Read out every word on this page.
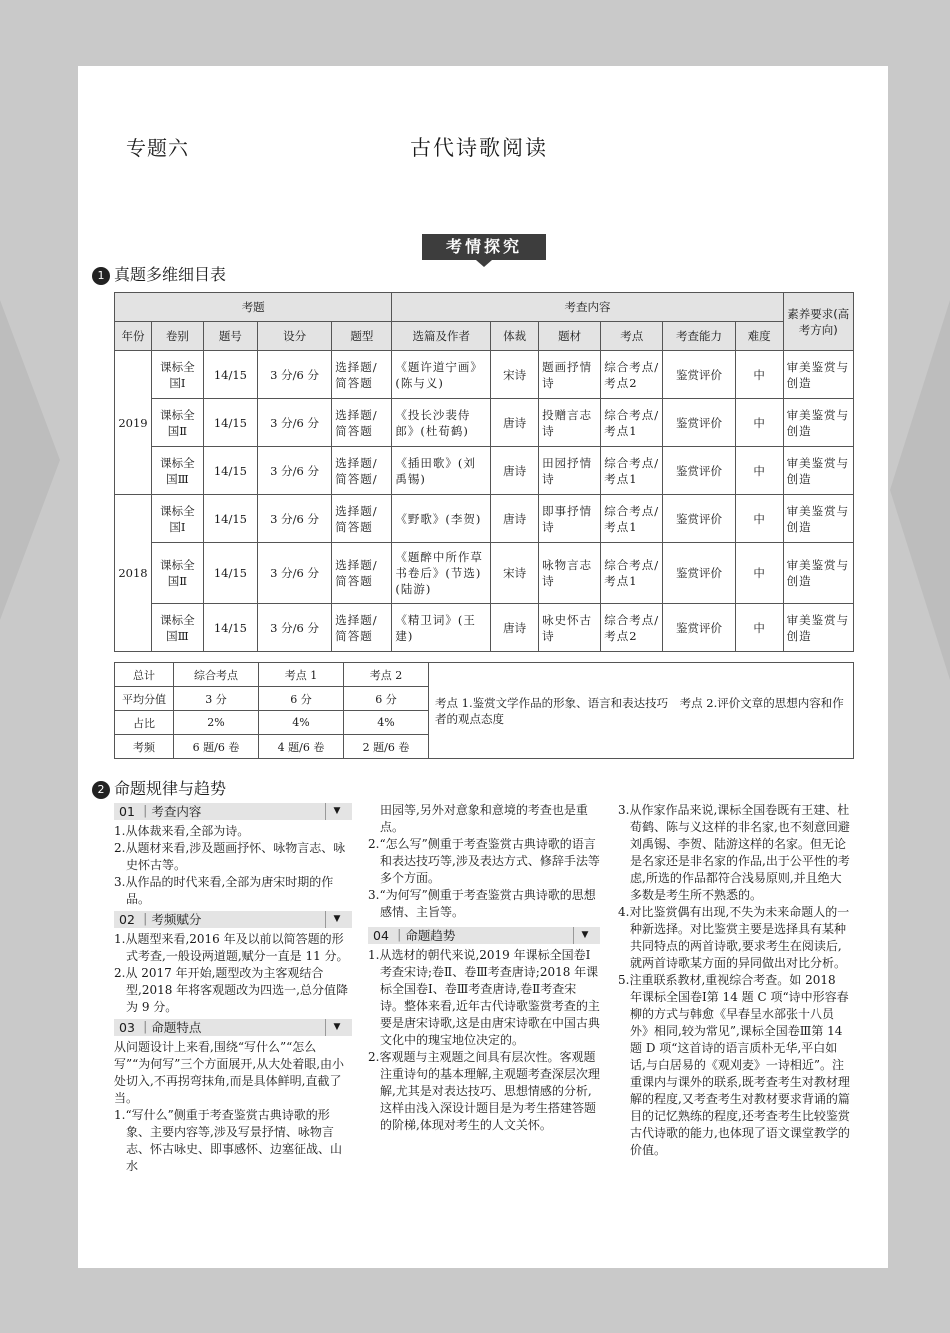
专题六	古代诗歌阅读
考情探究
1 真题多维细目表
考题					考查内容						素养要求(高考方向)
年份	卷别	题号	设分	题型	选篇及作者	体裁	题材	考点	考查能力	难度	
2019	课标全国Ⅰ	14/15	3 分/6 分	选择题/简答题	《题许道宁画》(陈与义)	宋诗	题画抒情诗	综合考点/考点2	鉴赏评价	中	审美鉴赏与创造
	课标全国Ⅱ	14/15	3 分/6 分	选择题/简答题	《投长沙裴侍郎》(杜荀鹤)	唐诗	投赠言志诗	综合考点/考点1	鉴赏评价	中	审美鉴赏与创造
	课标全国Ⅲ	14/15	3 分/6 分	选择题/简答题/	《插田歌》(刘禹锡)	唐诗	田园抒情诗	综合考点/考点1	鉴赏评价	中	审美鉴赏与创造
2018	课标全国Ⅰ	14/15	3 分/6 分	选择题/简答题	《野歌》(李贺)	唐诗	即事抒情诗	综合考点/考点1	鉴赏评价	中	审美鉴赏与创造
	课标全国Ⅱ	14/15	3 分/6 分	选择题/简答题	《题醉中所作草书卷后》(节选)(陆游)	宋诗	咏物言志诗	综合考点/考点1	鉴赏评价	中	审美鉴赏与创造
	课标全国Ⅲ	14/15	3 分/6 分	选择题/简答题	《精卫词》(王建)	唐诗	咏史怀古诗	综合考点/考点2	鉴赏评价	中	审美鉴赏与创造
总计	综合考点	考点 1	考点 2	考点 1.鉴赏文学作品的形象、语言和表达技巧　考点 2.评价文章的思想内容和作者的观点态度
平均分值	3 分	6 分	6 分	
占比	2%	4%	4%	
考频	6 题/6 卷	4 题/6 卷	2 题/6 卷	
2 命题规律与趋势
01 ｜考查内容	▼

1.从体裁来看,全部为诗。

2.从题材来看,涉及题画抒怀、咏物言志、咏史怀古等。

3.从作品的时代来看,全部为唐宋时期的作品。

02 ｜考频赋分	▼

1.从题型来看,2016 年及以前以简答题的形式考查,一般设两道题,赋分一直是 11 分。

2.从 2017 年开始,题型改为主客观结合型,2018 年将客观题改为四选一,总分值降为 9 分。

03 ｜命题特点	▼

从问题设计上来看,围绕“写什么”“怎么写”“为何写”三个方面展开,从大处着眼,由小处切入,不再拐弯抹角,而是具体鲜明,直截了当。

1.“写什么”侧重于考查鉴赏古典诗歌的形象、主要内容等,涉及写景抒情、咏物言志、怀古咏史、即事感怀、边塞征战、山水

田园等,另外对意象和意境的考查也是重点。

2.“怎么写”侧重于考查鉴赏古典诗歌的语言和表达技巧等,涉及表达方式、修辞手法等多个方面。

3.“为何写”侧重于考查鉴赏古典诗歌的思想感情、主旨等。

04 ｜命题趋势	▼

1.从选材的朝代来说,2019 年课标全国卷Ⅰ考查宋诗;卷Ⅱ、卷Ⅲ考查唐诗;2018 年课标全国卷Ⅰ、卷Ⅲ考查唐诗,卷Ⅱ考查宋诗。整体来看,近年古代诗歌鉴赏考查的主要是唐宋诗歌,这是由唐宋诗歌在中国古典文化中的瑰宝地位决定的。

2.客观题与主观题之间具有层次性。客观题注重诗句的基本理解,主观题考查深层次理解,尤其是对表达技巧、思想情感的分析,这样由浅入深设计题目是为考生搭建答题的阶梯,体现对考生的人文关怀。

3.从作家作品来说,课标全国卷既有王建、杜荀鹤、陈与义这样的非名家,也不刻意回避刘禹锡、李贺、陆游这样的名家。但无论是名家还是非名家的作品,出于公平性的考虑,所选的作品都符合浅易原则,并且绝大多数是考生所不熟悉的。

4.对比鉴赏偶有出现,不失为未来命题人的一种新选择。对比鉴赏主要是选择具有某种共同特点的两首诗歌,要求考生在阅读后,就两首诗歌某方面的异同做出对比分析。

5.注重联系教材,重视综合考查。如 2018 年课标全国卷Ⅰ第 14 题 C 项“诗中形容春柳的方式与韩愈《早春呈水部张十八员外》相同,较为常见”,课标全国卷Ⅲ第 14 题 D 项“这首诗的语言质朴无华,平白如话,与白居易的《观刈麦》一诗相近”。注重课内与课外的联系,既考查考生对教材理解的程度,又考查考生对教材要求背诵的篇目的记忆熟练的程度,还考查考生比较鉴赏古代诗歌的能力,也体现了语文课堂教学的价值。
